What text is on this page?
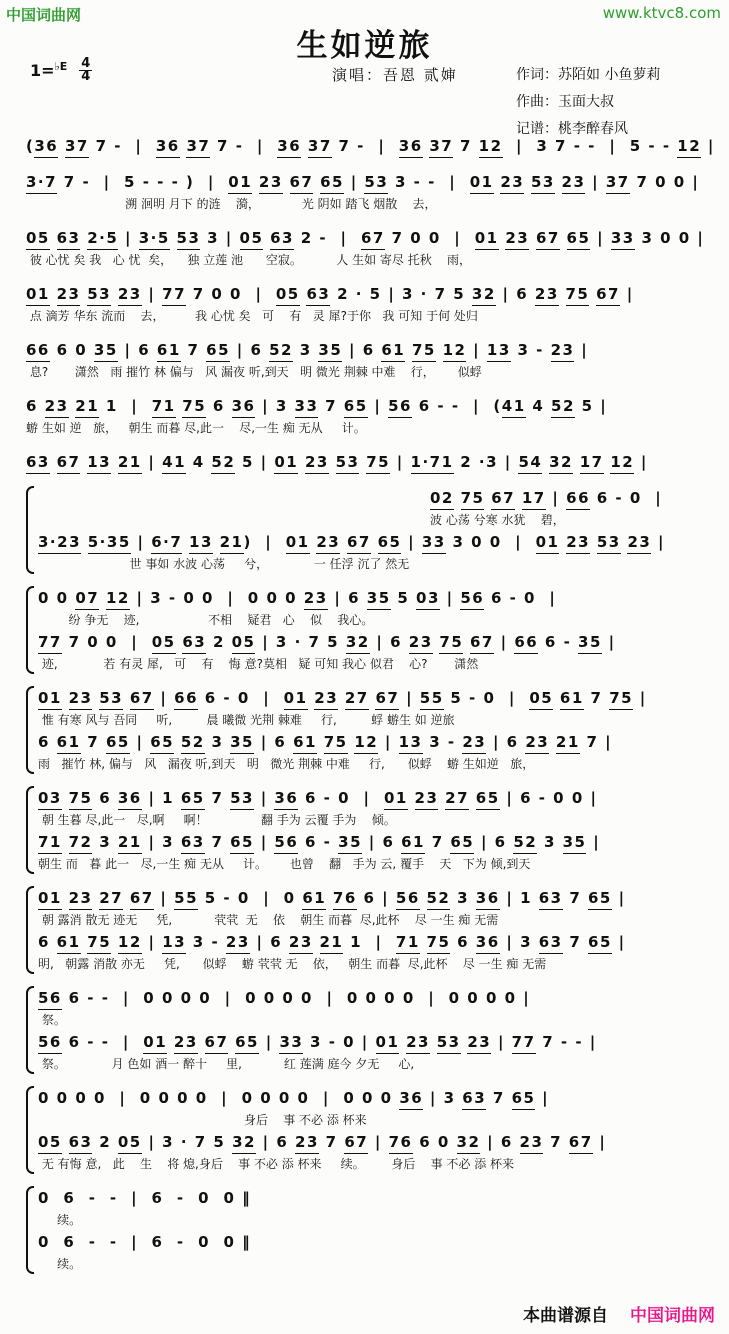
中国词曲网	www.ktvc8.com
生如逆旅
演唱：吾恩 贰婶	作词：苏陌如 小鱼萝莉
作曲：玉面大叔
记谱：桃李醉春风
1= ♭E $\frac{4}{4}$
(36 37 7 -  |  36 37 7 -  |  36 37 7 -  |  36 37 7 12  |  3 7 - -  |  5 - - 12 |
3·7 7 -  |  5 - - - )  |  01 23 67 65 | 53 3 - -  |  01 23 53 23 | 37 7 0 0 |
溯 洄明 月下 的涟    漪，           光 阴如 踏飞 烟散    去，
05 63 2·5 | 3·5 53 3 | 05 63 2 -  |  67 7 0 0  |  01 23 67 65 | 33 3 0 0 |
彼 心忧 矣 我   心 忧  矣，    独 立莲 池      空寂。         人 生如 寄尽 托秋    雨，
01 23 53 23 | 77 7 0 0  |  05 63 2 · 5 | 3 · 7 5 32 | 6 23 75 67 |
点 滴芳 华东 流而    去，        我 心忧 矣   可    有   灵 犀?于你   我 可知 于何 处归
66 6 0 35 | 6 61 7 65 | 6 52 3 35 | 6 61 75 12 | 13 3 - 23 |
息?       潇然   雨 摧竹 林 偏与   风 漏夜 听,到天   明 微光 荆棘 中难    行，      似蜉
6 23 21 1  |  71 75 6 36 | 3 33 7 65 | 56 6 - -  |  (41 4 52 5 |
蝣 生如 逆   旅，   朝生 而暮 尽,此一    尽,一生 痴 无从     计。
63 67 13 21 | 41 4 52 5 | 01 23 53 75 | 1·71 2 ·3 | 54 32 17 12 |
02 75 67 17 | 66 6 - 0  |
波 心荡 兮寒 水犹    碧，
3·23 5·35 | 6·7 13 21)  |  01 23 67 65 | 33 3 0 0  |  01 23 53 23 |
世 事如 水波 心荡     兮，            一 任浮 沉了 然无
0 0 07 12 | 3 - 0 0  |  0 0 0 23 | 6 35 5 03 | 56 6 - 0  |
纷 争无    迹,                  不相    疑君   心    似    我心。
77 7 0 0  |  05 63 2 05 | 3 · 7 5 32 | 6 23 75 67 | 66 6 - 35 |
迹,            若 有灵 犀,   可    有    悔 意?莫相   疑 可知 我心 似君    心?       潇然
01 23 53 67 | 66 6 - 0  |  01 23 27 67 | 55 5 - 0  |  05 61 7 75 |
惟 有寒 风与 吾同     听,         晨 曦微 光荆 棘难     行,         蜉 蝣生 如 逆旅
6 61 7 65 | 65 52 3 35 | 6 61 75 12 | 13 3 - 23 | 6 23 21 7 |
雨   摧竹 林, 偏与   风   漏夜 听,到天   明   微光 荆棘 中难     行,      似蜉    蝣 生如逆   旅，
03 75 6 36 | 1 65 7 53 | 36 6 - 0  |  01 23 27 65 | 6 - 0 0 |
朝 生暮 尽,此一   尽,啊     啊！              翻 手为 云覆 手为    倾。
71 72 3 21 | 3 63 7 65 | 56 6 - 35 | 6 61 7 65 | 6 52 3 35 |
朝生 而   暮 此一   尽,一生 痴 无从     计。      也曾    翻   手为 云, 覆手    天   下为 倾,到天
01 23 27 67 | 55 5 - 0  |  0 61 76 6 | 56 52 3 36 | 1 63 7 65 |
朝 露消 散无 迹无     凭,           茕茕  无    依    朝生 而暮  尽,此杯    尽 一生 痴 无需
6 61 75 12 | 13 3 - 23 | 6 23 21 1  |  71 75 6 36 | 3 63 7 65 |
明,   朝露 消散 亦无     凭,      似蜉    蝣 茕茕 无    依，   朝生 而暮  尽,此杯    尽 一生 痴 无需
56 6 - -  |  0 0 0 0  |  0 0 0 0  |  0 0 0 0  |  0 0 0 0 |
祭。
56 6 - -  |  01 23 67 65 | 33 3 - 0 | 01 23 53 23 | 77 7 - - |
祭。            月 色如 酒一 醉十     里,           红 莲满 庭今 夕无     心,
0 0 0 0  |  0 0 0 0  |  0 0 0 0  |  0 0 0 36 | 3 63 7 65 |
身后    事 不必 添 杯来
05 63 2 05 | 3 · 7 5 32 | 6 23 7 67 | 76 6 0 32 | 6 23 7 67 |
无 有悔 意,   此    生    将 熄,身后    事 不必 添 杯来     续。       身后    事 不必 添 杯来
0  6  -  -  |  6  -  0  0 ‖
续。
0  6  -  -  |  6  -  0  0 ‖
续。
本曲谱源自 中国词曲网
